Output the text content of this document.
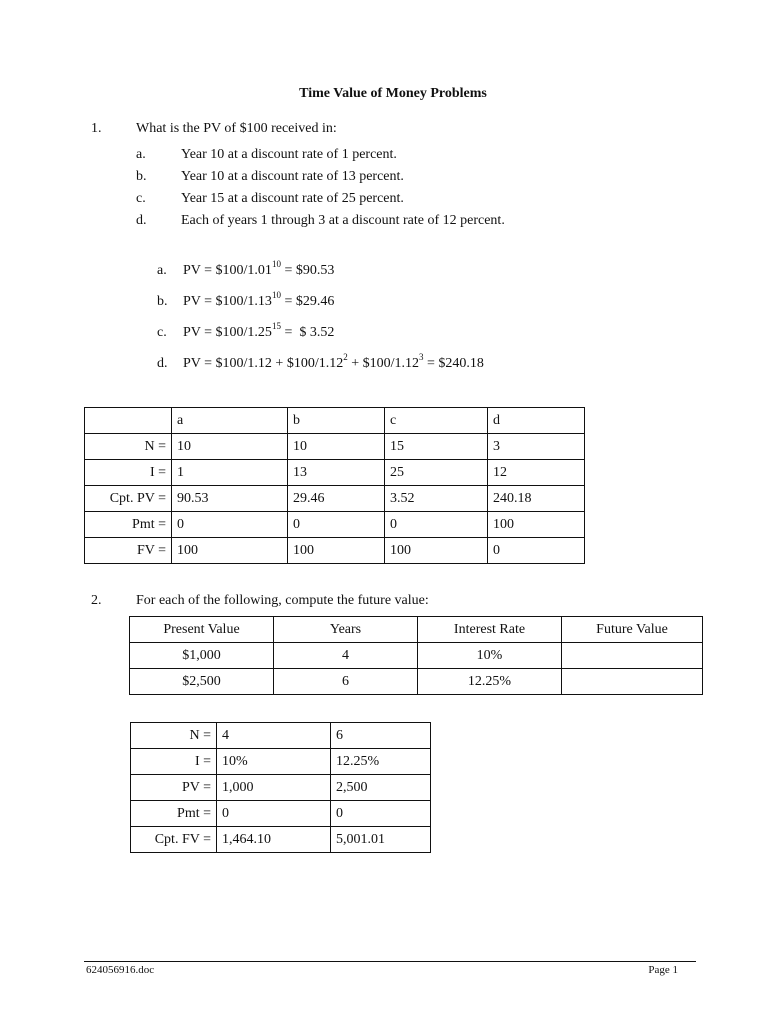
Time Value of Money Problems
1. What is the PV of $100 received in:
a.	Year 10 at a discount rate of 1 percent.
b. Year 10 at a discount rate of 13 percent.
c.	Year 15 at a discount rate of 25 percent.
d. Each of years 1 through 3 at a discount rate of 12 percent.
a. PV = $\$100/1.01^{10}$ = $90.53
b. PV = $\$100/1.13^{10}$ = $29.46
c. PV = $\$100/1.25^{15}$ =  $ 3.52
d. PV = $100/1.12 + $\$100/1.12^2$ + $\$100/1.12^3$ = $240.18
	a	b	c	d
N =	10	10	15	3
I =	1	13	25	12
Cpt. PV =	90.53	29.46	3.52	240.18
Pmt =	0	0	0	100
FV =	100	100	100	0
2. For each of the following, compute the future value:
Present Value	Years	Interest Rate	Future Value
$1,000	4	10%	
$2,500	6	12.25%	
N =	4	6
I =	10%	12.25%
PV =	1,000	2,500
Pmt =	0	0
Cpt. FV =	1,464.10	5,001.01
624056916.doc	Page 1
